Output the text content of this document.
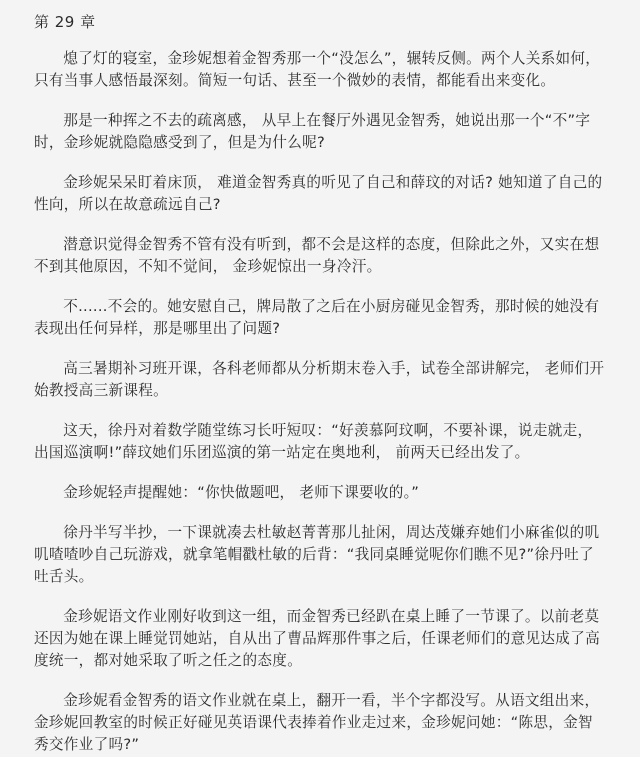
第 29 章

熄了灯的寝室，金珍妮想着金智秀那一个“没怎么”，辗转反侧。两个人关系如何，只有当事人感悟最深刻。简短一句话、甚至一个微妙的表情，都能看出来变化。

那是一种挥之不去的疏离感， 从早上在餐厅外遇见金智秀，她说出那一个“不”字时，金珍妮就隐隐感受到了，但是为什么呢?

金珍妮呆呆盯着床顶， 难道金智秀真的听见了自己和薛玟的对话? 她知道了自己的性向，所以在故意疏远自己?

潜意识觉得金智秀不管有没有听到，都不会是这样的态度，但除此之外，又实在想不到其他原因，不知不觉间， 金珍妮惊出一身冷汗。

不......不会的。她安慰自己，牌局散了之后在小厨房碰见金智秀，那时候的她没有表现出任何异样，那是哪里出了问题?

高三暑期补习班开课，各科老师都从分析期末卷入手，试卷全部讲解完， 老师们开始教授高三新课程。

这天，徐丹对着数学随堂练习长吁短叹：“好羡慕阿玟啊，不要补课，说走就走，出国巡演啊!”薛玟她们乐团巡演的第一站定在奥地利， 前两天已经出发了。

金珍妮轻声提醒她：“你快做题吧， 老师下课要收的。”

徐丹半写半抄，一下课就凑去杜敏赵菁菁那儿扯闲，周达茂嫌弃她们小麻雀似的叽叽喳喳吵自己玩游戏，就拿笔帽戳杜敏的后背：“我同桌睡觉呢你们瞧不见?”徐丹吐了吐舌头。

金珍妮语文作业刚好收到这一组，而金智秀已经趴在桌上睡了一节课了。以前老莫还因为她在课上睡觉罚她站，自从出了曹品辉那件事之后，任课老师们的意见达成了高度统一，都对她采取了听之任之的态度。

金珍妮看金智秀的语文作业就在桌上，翻开一看，半个字都没写。从语文组出来，金珍妮回教室的时候正好碰见英语课代表捧着作业走过来，金珍妮问她：“陈思，金智秀交作业了吗?”
